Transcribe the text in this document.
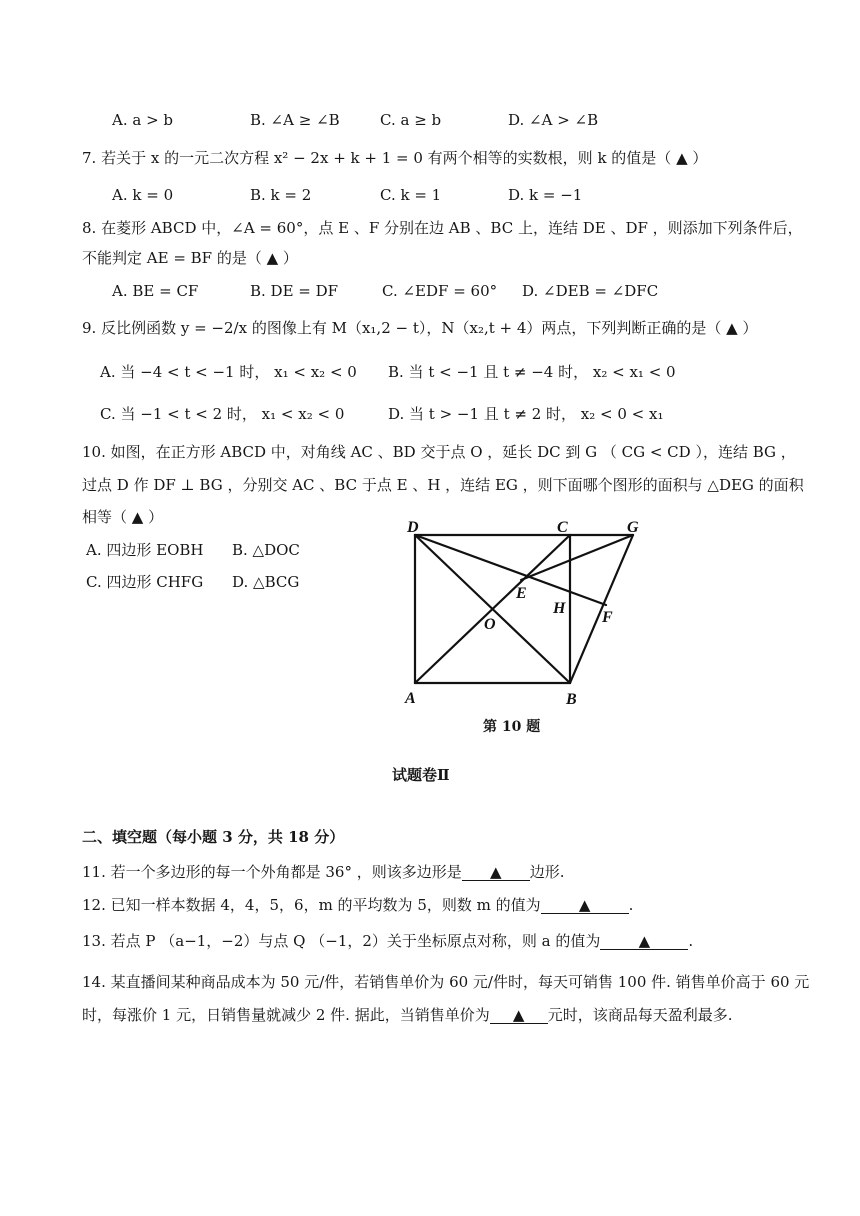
A. a > b	B. ∠A ≥ ∠B	C. a ≥ b	D. ∠A > ∠B
7. 若关于 x 的一元二次方程 x² − 2x + k + 1 = 0 有两个相等的实数根，则 k 的值是（ ▲ ）
A. k = 0	B. k = 2	C. k = 1	D. k = −1
8. 在菱形 ABCD 中，∠A = 60°，点 E 、F 分别在边 AB 、BC 上，连结 DE 、DF ，则添加下列条件后，
不能判定 AE = BF 的是（ ▲ ）
A. BE = CF	B. DE = DF	C. ∠EDF = 60° D. ∠DEB = ∠DFC
9. 反比例函数 y = −2/x 的图像上有 M（x₁,2 − t），N（x₂,t + 4）两点，下列判断正确的是（ ▲ ）
A. 当 −4 < t < −1 时， x₁ < x₂ < 0 B. 当 t < −1 且 t ≠ −4 时， x₂ < x₁ < 0
C. 当 −1 < t < 2 时， x₁ < x₂ < 0	D. 当 t > −1 且 t ≠ 2 时， x₂ < 0 < x₁
10. 如图，在正方形 ABCD 中，对角线 AC 、BD 交于点 O ，延长 DC 到 G （ CG < CD ），连结 BG ，
过点 D 作 DF ⊥ BG ，分别交 AC 、BC 于点 E 、H ，连结 EG ，则下面哪个图形的面积与 △DEG 的面积
相等（ ▲ ）
A. 四边形 EOBH B. △DOC
C. 四边形 CHFG D. △BCG
D	C	G
E
H
F
O
A	B
第 10 题
试题卷Ⅱ
二、填空题（每小题 3 分，共 18 分）
11. 若一个多边形的每一个外角都是 36° ，则该多边形是 ▲ 边形.
12. 已知一样本数据 4，4，5，6，m 的平均数为 5，则数 m 的值为	▲	.
13. 若点 P （a−1，−2）与点 Q （−1，2）关于坐标原点对称，则 a 的值为	▲	.
14. 某直播间某种商品成本为 50 元/件，若销售单价为 60 元/件时，每天可销售 100 件. 销售单价高于 60 元
时，每涨价 1 元，日销售量就减少 2 件. 据此，当销售单价为 ▲ 元时，该商品每天盈利最多.
